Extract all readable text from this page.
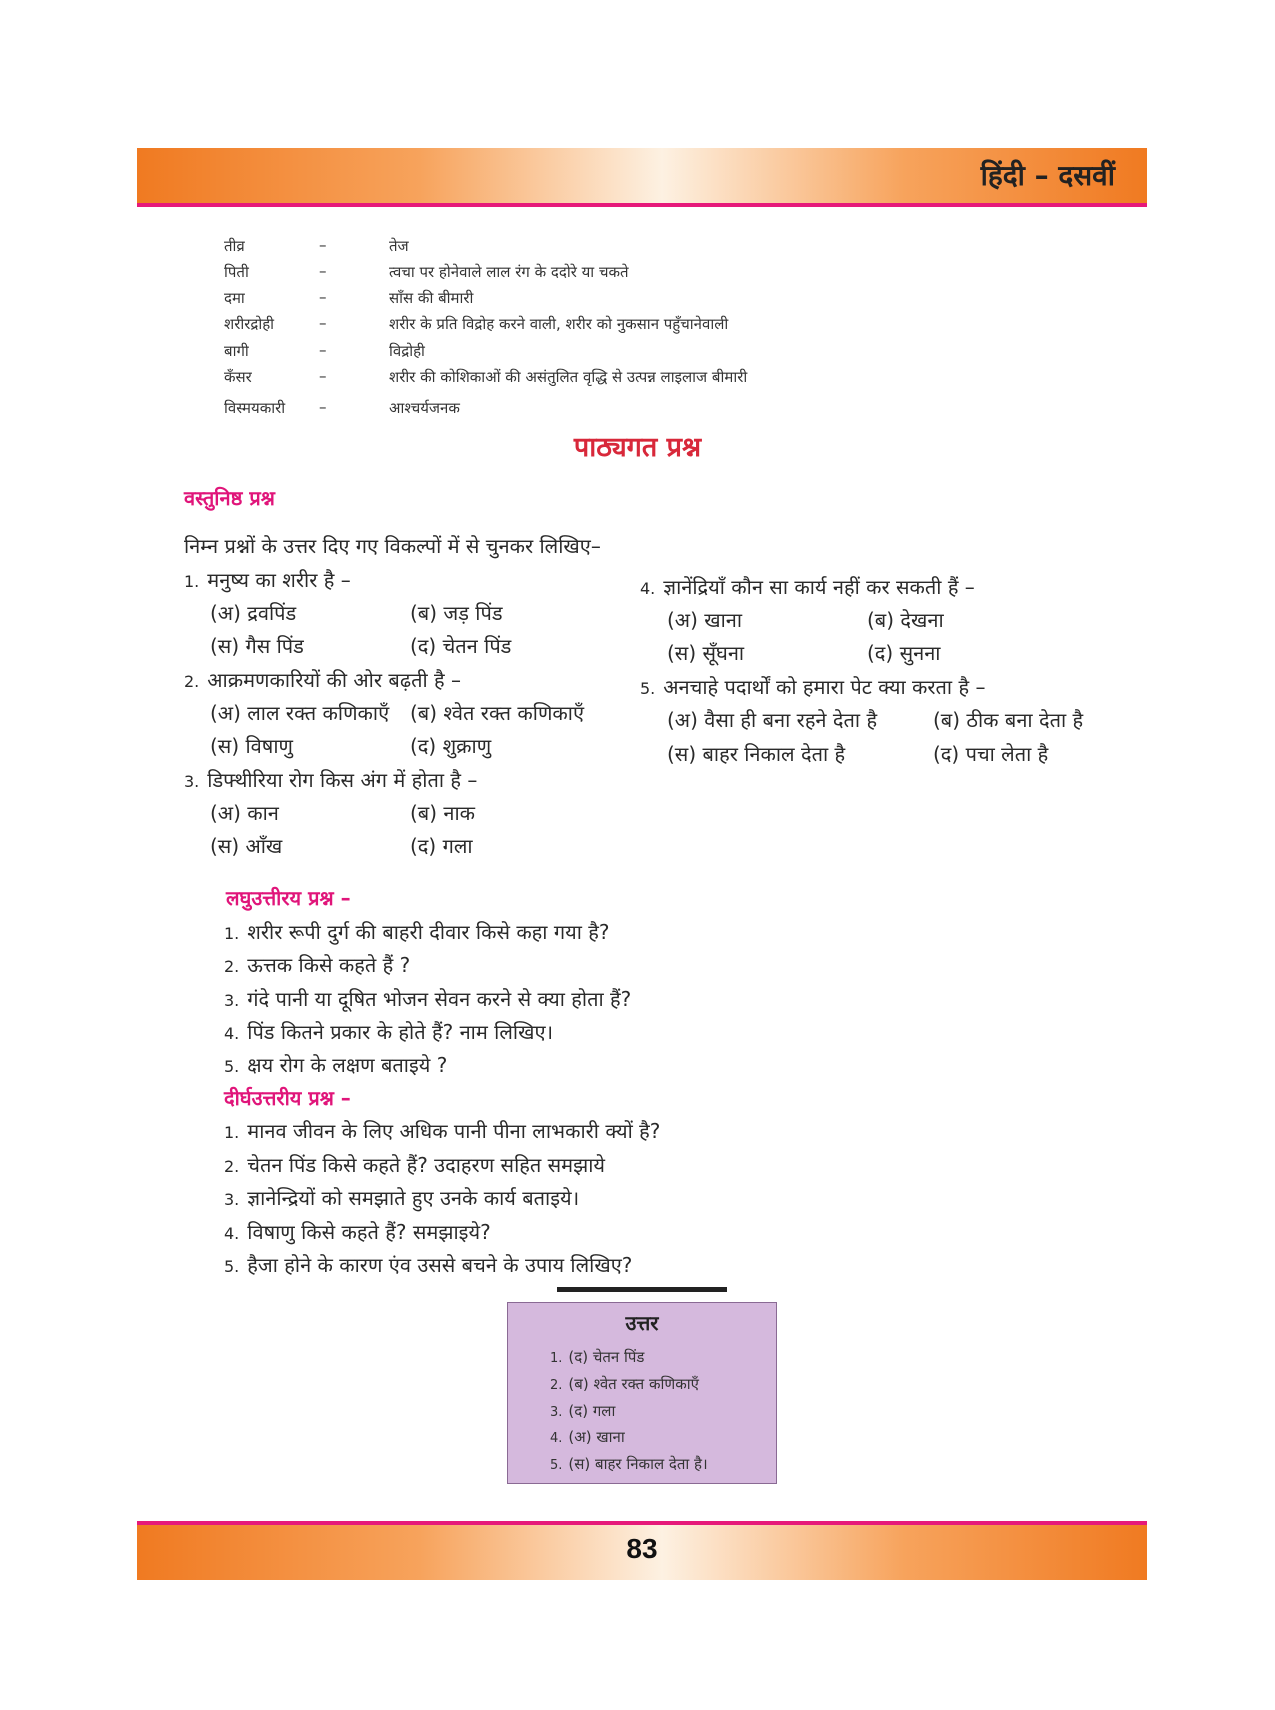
हिंदी – दसवीं
तीव्र	–	तेज
पिती	–	त्वचा पर होनेवाले लाल रंग के ददोरे या चकते
दमा	–	साँस की बीमारी
शरीरद्रोही	–	शरीर के प्रति विद्रोह करने वाली, शरीर को नुकसान पहुँचानेवाली
बागी	–	विद्रोही
कँसर	–	शरीर की कोशिकाओं की असंतुलित वृद्धि से उत्पन्न लाइलाज बीमारी
विस्मयकारी	–	आश्चर्यजनक
पाठ्यगत प्रश्न
वस्तुनिष्ठ प्रश्न
निम्न प्रश्नों के उत्तर दिए गए विकल्पों में से चुनकर लिखिए–
1. मनुष्य का शरीर है –
(अ) द्रवपिंड	(ब) जड़ पिंड
(स) गैस पिंड	(द) चेतन पिंड
2. आक्रमणकारियों की ओर बढ़ती है –
(अ) लाल रक्त कणिकाएँ (ब) श्वेत रक्त कणिकाएँ
(स) विषाणु	(द) शुक्राणु
3. डिफ्थीरिया रोग किस अंग में होता है –
(अ) कान	(ब) नाक
(स) आँख	(द) गला
4. ज्ञानेंद्रियाँ कौन सा कार्य नहीं कर सकती हैं –
(अ) खाना	(ब) देखना
(स) सूँघना	(द) सुनना
5. अनचाहे पदार्थों को हमारा पेट क्या करता है –
(अ) वैसा ही बना रहने देता है	(ब) ठीक बना देता है
(स) बाहर निकाल देता है	(द) पचा लेता है
लघुउत्तीरय प्रश्न –
1. शरीर रूपी दुर्ग की बाहरी दीवार किसे कहा गया है?
2. ऊत्तक किसे कहते हैं ?
3. गंदे पानी या दूषित भोजन सेवन करने से क्या होता हैं?
4. पिंड कितने प्रकार के होते हैं? नाम लिखिए।
5. क्षय रोग के लक्षण बताइये ?
दीर्घउत्तरीय प्रश्न –
1. मानव जीवन के लिए अधिक पानी पीना लाभकारी क्यों है?
2. चेतन पिंड किसे कहते हैं? उदाहरण सहित समझाये
3. ज्ञानेन्द्रियों को समझाते हुए उनके कार्य बताइये।
4. विषाणु किसे कहते हैं? समझाइये?
5. हैजा होने के कारण एंव उससे बचने के उपाय लिखिए?
उत्तर
1. (द) चेतन पिंड
2. (ब) श्वेत रक्त कणिकाएँ
3. (द) गला
4. (अ) खाना
5. (स) बाहर निकाल देता है।
83
